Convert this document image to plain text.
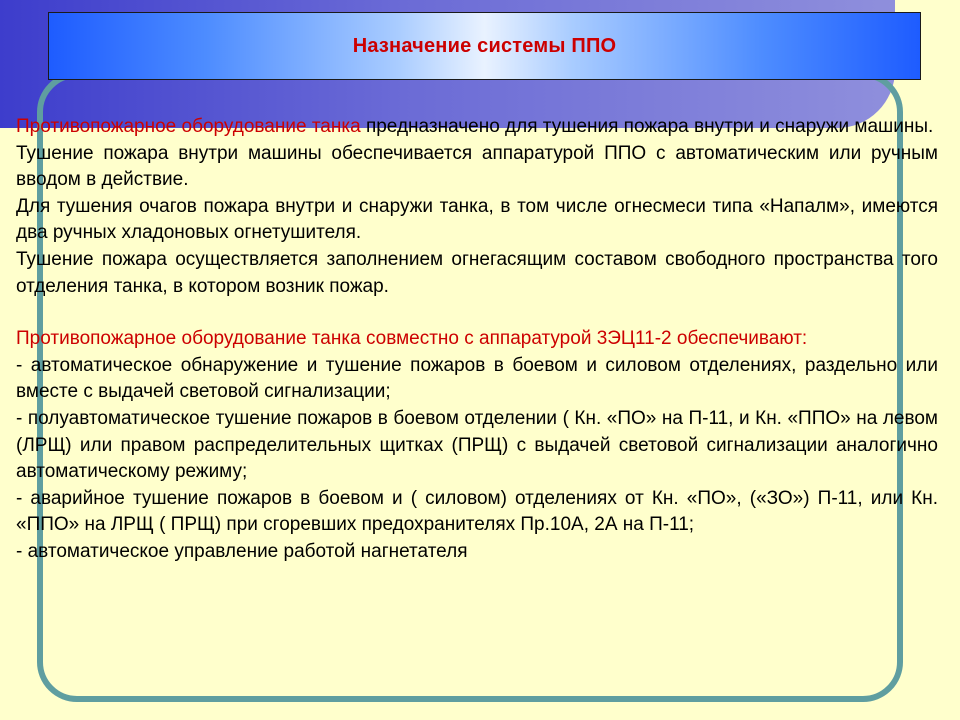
Назначение системы ППО

Противопожарное оборудование танка предназначено для тушения пожара внутри и снаружи машины.

Тушение пожара внутри машины обеспечивается аппаратурой ППО с автоматическим или ручным вводом в действие.

Для тушения очагов пожара внутри и снаружи танка, в том числе огнесмеси типа «Напалм», имеются два ручных хладоновых огнетушителя.

Тушение пожара осуществляется заполнением огнегасящим составом свободного пространства того отделения танка, в котором возник пожар.

Противопожарное оборудование танка совместно с аппаратурой 3ЭЦ11-2 обеспечивают:

- автоматическое обнаружение и тушение пожаров в боевом и силовом отделениях, раздельно или вместе с выдачей световой сигнализации;

- полуавтоматическое тушение пожаров в боевом отделении ( Кн. «ПО» на П-11, и Кн. «ППО» на левом (ЛРЩ) или правом распределительных щитках (ПРЩ) с выдачей световой сигнализации аналогично автоматическому режиму;

- аварийное тушение пожаров в боевом и ( силовом) отделениях от Кн. «ПО», («ЗО») П-11, или Кн. «ППО» на ЛРЩ ( ПРЩ) при сгоревших предохранителях Пр.10А, 2А на П-11;

- автоматическое управление работой нагнетателя
